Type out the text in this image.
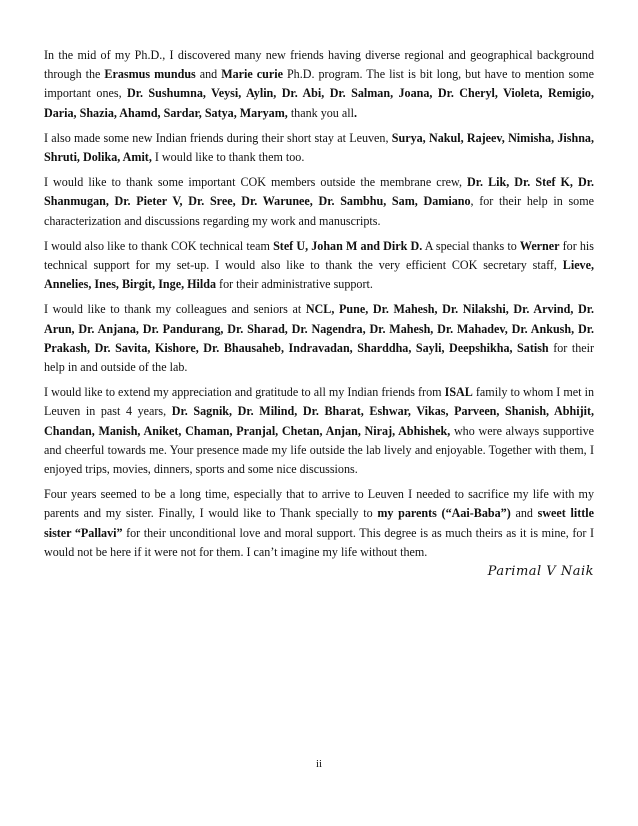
In the mid of my Ph.D., I discovered many new friends having diverse regional and geographical background through the Erasmus mundus and Marie curie Ph.D. program. The list is bit long, but have to mention some important ones, Dr. Sushumna, Veysi, Aylin, Dr. Abi, Dr. Salman, Joana, Dr. Cheryl, Violeta, Remigio, Daria, Shazia, Ahamd, Sardar, Satya, Maryam, thank you all.

I also made some new Indian friends during their short stay at Leuven, Surya, Nakul, Rajeev, Nimisha, Jishna, Shruti, Dolika, Amit, I would like to thank them too.

I would like to thank some important COK members outside the membrane crew, Dr. Lik, Dr. Stef K, Dr. Shanmugan, Dr. Pieter V, Dr. Sree, Dr. Warunee, Dr. Sambhu, Sam, Damiano, for their help in some characterization and discussions regarding my work and manuscripts.

I would also like to thank COK technical team Stef U, Johan M and Dirk D. A special thanks to Werner for his technical support for my set-up. I would also like to thank the very efficient COK secretary staff, Lieve, Annelies, Ines, Birgit, Inge, Hilda for their administrative support.

I would like to thank my colleagues and seniors at NCL, Pune, Dr. Mahesh, Dr. Nilakshi, Dr. Arvind, Dr. Arun, Dr. Anjana, Dr. Pandurang, Dr. Sharad, Dr. Nagendra, Dr. Mahesh, Dr. Mahadev, Dr. Ankush, Dr. Prakash, Dr. Savita, Kishore, Dr. Bhausaheb, Indravadan, Sharddha, Sayli, Deepshikha, Satish for their help in and outside of the lab.

I would like to extend my appreciation and gratitude to all my Indian friends from ISAL family to whom I met in Leuven in past 4 years, Dr. Sagnik, Dr. Milind, Dr. Bharat, Eshwar, Vikas, Parveen, Shanish, Abhijit, Chandan, Manish, Aniket, Chaman, Pranjal, Chetan, Anjan, Niraj, Abhishek, who were always supportive and cheerful towards me. Your presence made my life outside the lab lively and enjoyable. Together with them, I enjoyed trips, movies, dinners, sports and some nice discussions.

Four years seemed to be a long time, especially that to arrive to Leuven I needed to sacrifice my life with my parents and my sister. Finally, I would like to Thank specially to my parents (“Aai-Baba”) and sweet little sister “Pallavi” for their unconditional love and moral support. This degree is as much theirs as it is mine, for I would not be here if it were not for them. I can’t imagine my life without them.

Parimal V Naik
ii
